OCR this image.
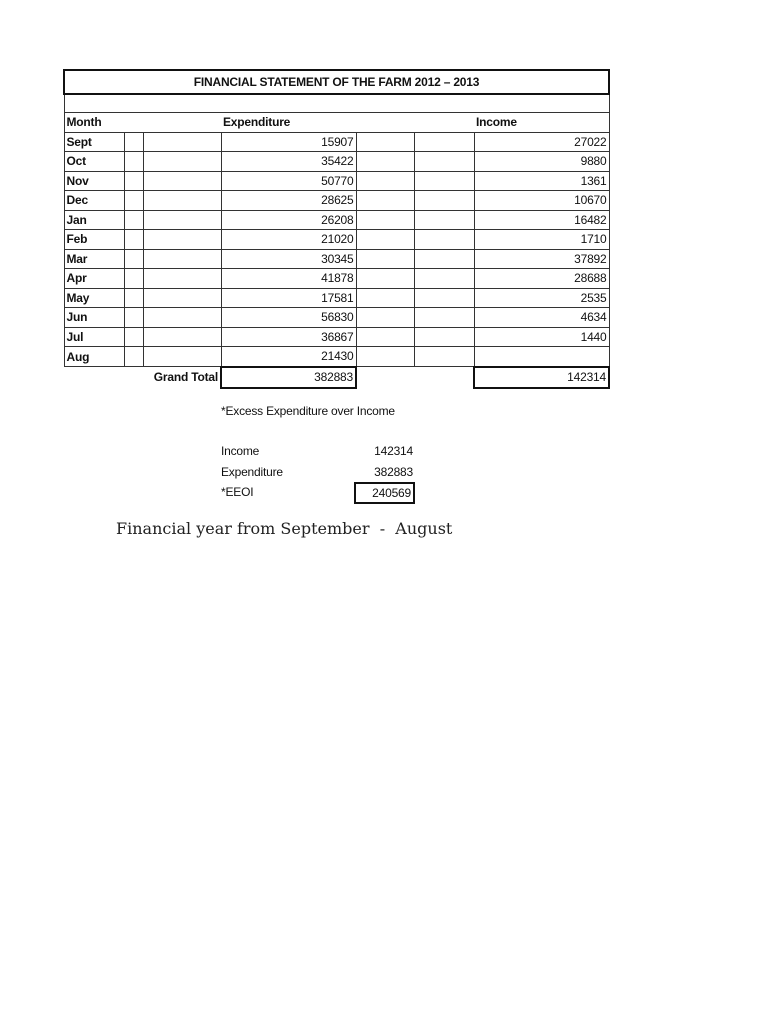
FINANCIAL STATEMENT OF THE FARM 2012 – 2013						

Month			Expenditure			Income
Sept			15907			27022
Oct			35422			9880
Nov			50770			1361
Dec			28625			10670
Jan			26208			16482
Feb			21020			1710
Mar			30345			37892
Apr			41878			28688
May			17581			2535
Jun			56830			4634
Jul			36867			1440
Aug			21430			
		Grand Total	382883			142314
*Excess Expenditure over Income
Income	142314
Expenditure	382883
*EEOI	240569
Financial year from September  -  August
